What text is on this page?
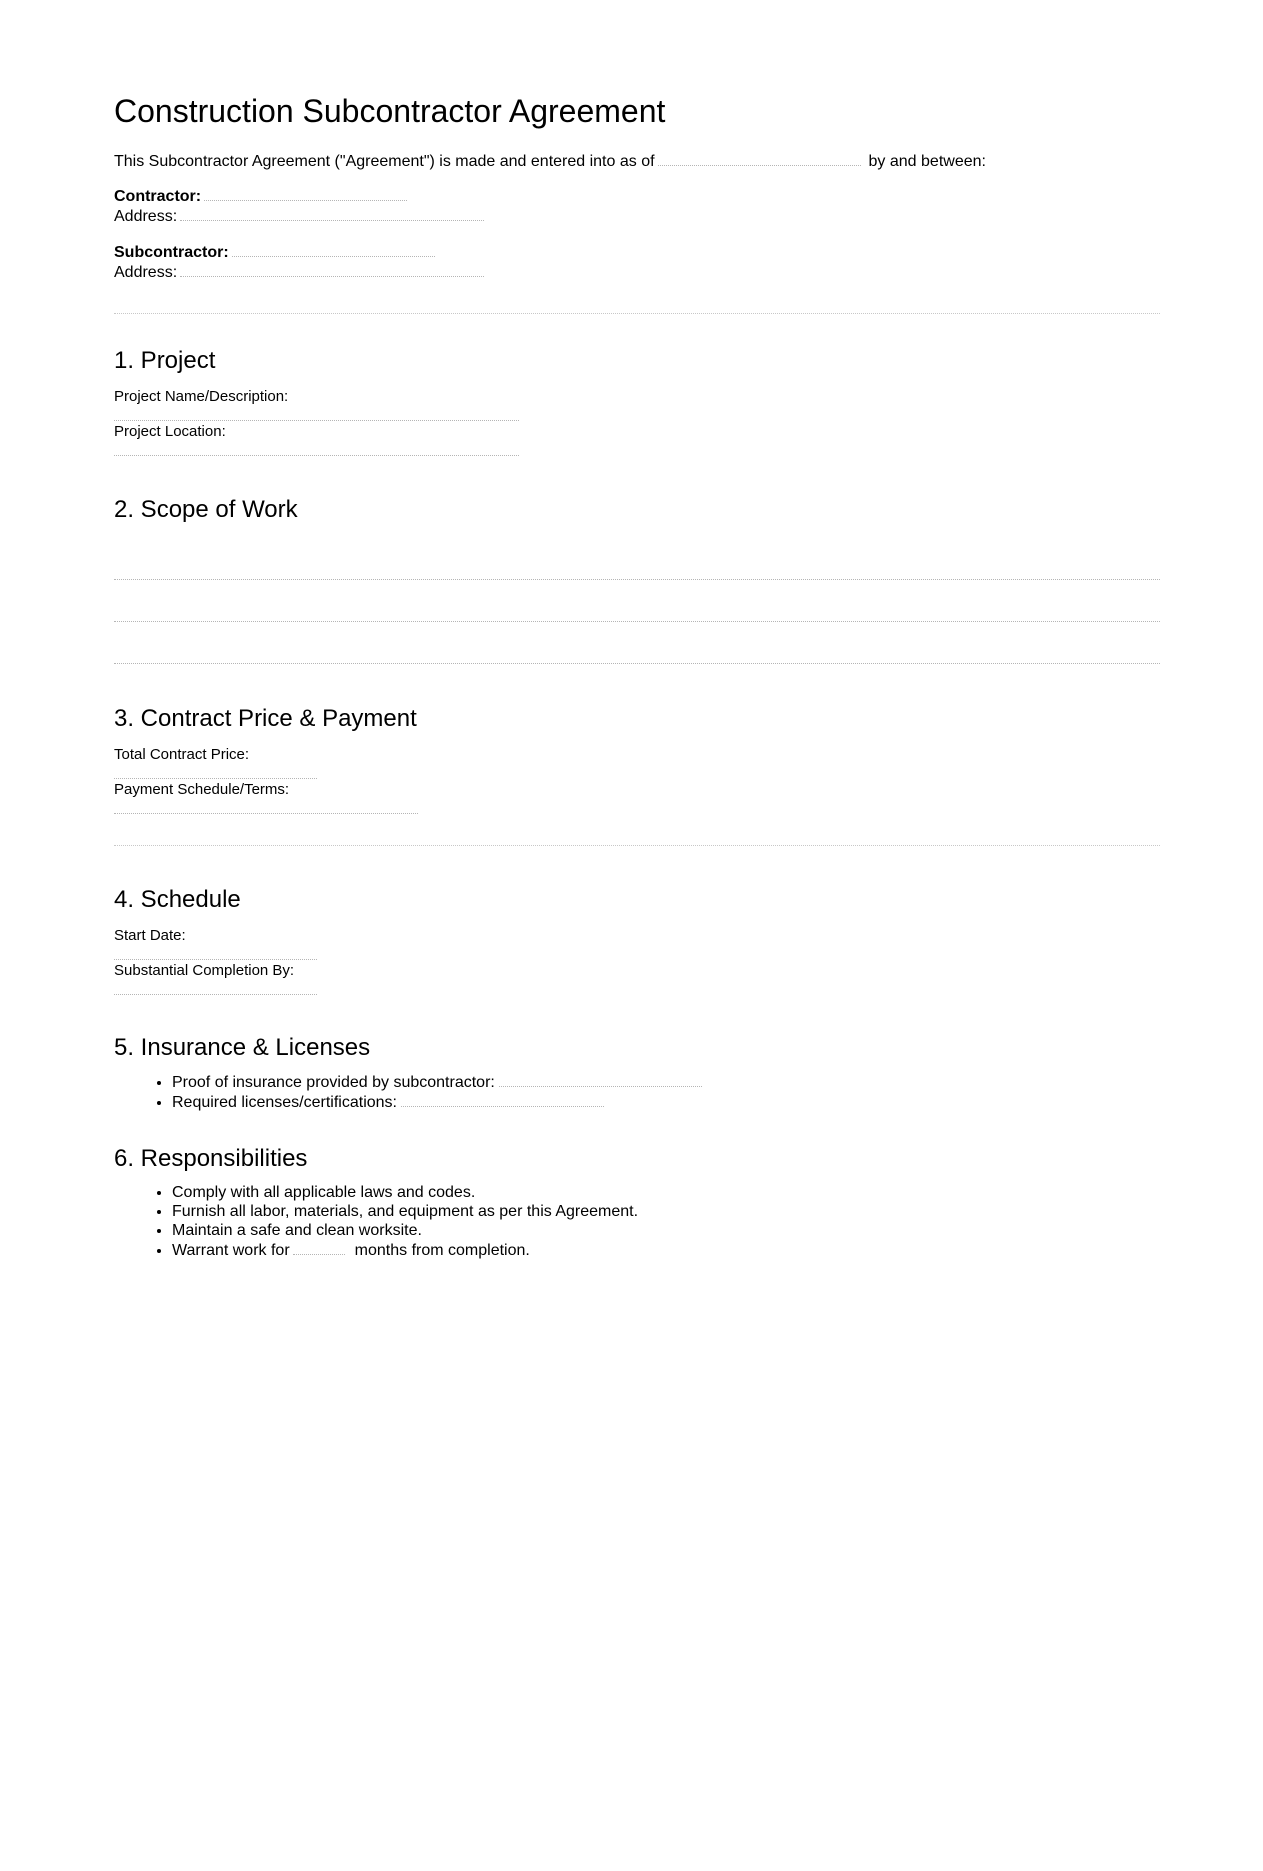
Construction Subcontractor Agreement
This Subcontractor Agreement ("Agreement") is made and entered into as of	by and between:
Contractor:
Address:
Subcontractor:
Address:
1. Project
Project Name/Description:
Project Location:
2. Scope of Work
3. Contract Price & Payment
Total Contract Price:
Payment Schedule/Terms:
4. Schedule
Start Date:
Substantial Completion By:
5. Insurance & Licenses
• Proof of insurance provided by subcontractor:
• Required licenses/certifications:
6. Responsibilities
• Comply with all applicable laws and codes.
• Furnish all labor, materials, and equipment as per this Agreement.
• Maintain a safe and clean worksite.
• Warrant work for	months from completion.
